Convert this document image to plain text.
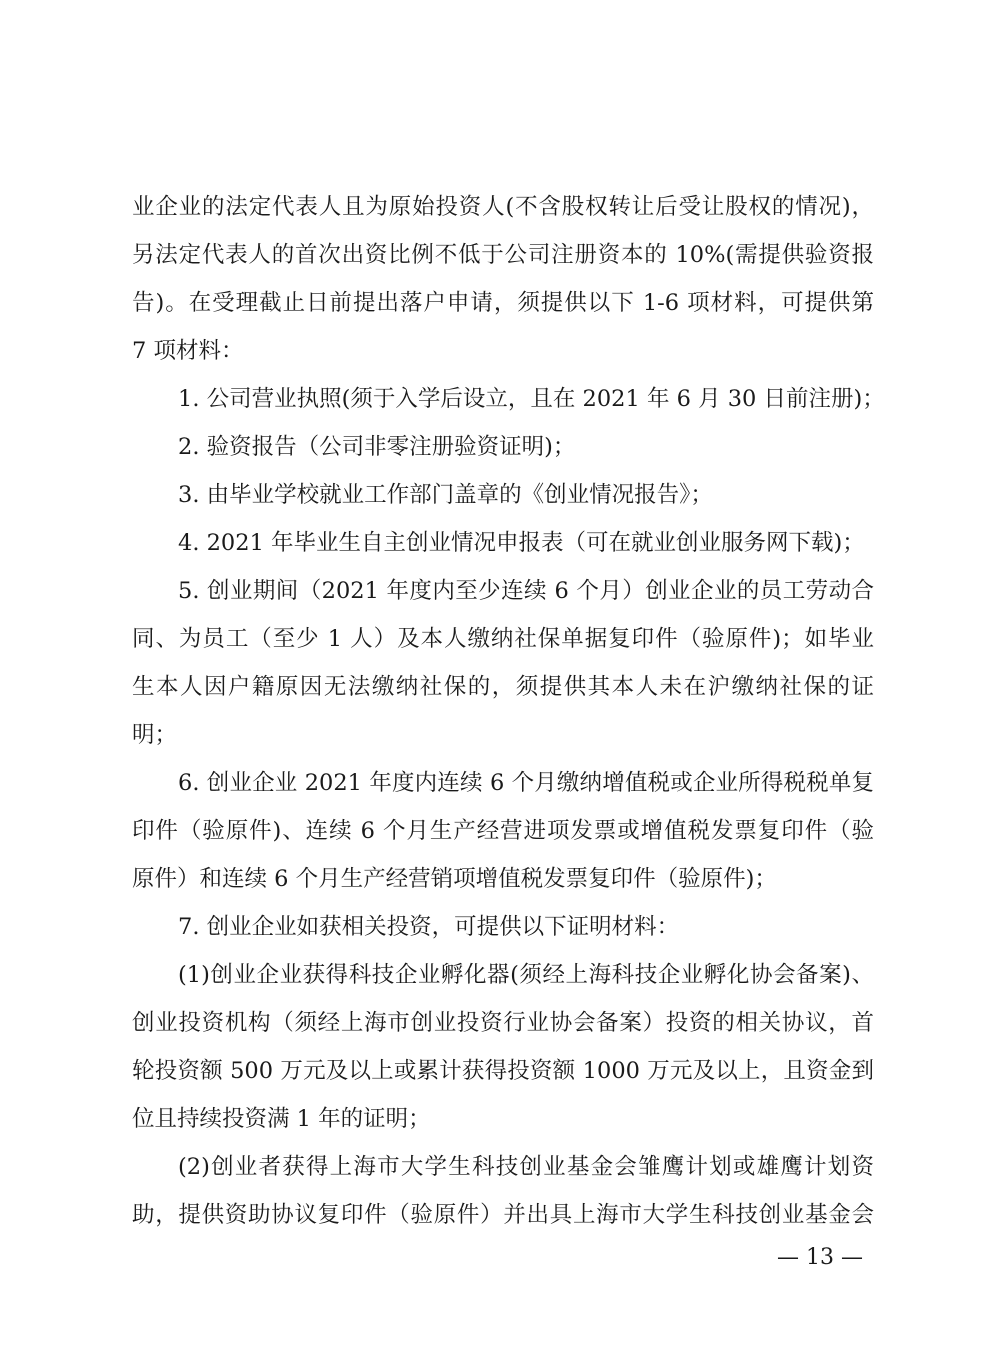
业企业的法定代表人且为原始投资人(不含股权转让后受让股权的情况)，
另法定代表人的首次出资比例不低于公司注册资本的 10%(需提供验资报
告)。在受理截止日前提出落户申请，须提供以下 1-6 项材料，可提供第
7 项材料：
1. 公司营业执照(须于入学后设立，且在 2021 年 6 月 30 日前注册)；
2. 验资报告（公司非零注册验资证明)；
3. 由毕业学校就业工作部门盖章的《创业情况报告》；
4. 2021 年毕业生自主创业情况申报表（可在就业创业服务网下载)；
5. 创业期间（2021 年度内至少连续 6 个月）创业企业的员工劳动合
同、为员工（至少 1 人）及本人缴纳社保单据复印件（验原件)；如毕业
生本人因户籍原因无法缴纳社保的，须提供其本人未在沪缴纳社保的证
明；
6. 创业企业 2021 年度内连续 6 个月缴纳增值税或企业所得税税单复
印件（验原件)、连续 6 个月生产经营进项发票或增值税发票复印件（验
原件）和连续 6 个月生产经营销项增值税发票复印件（验原件)；
7. 创业企业如获相关投资，可提供以下证明材料：
(1)创业企业获得科技企业孵化器(须经上海科技企业孵化协会备案)、
创业投资机构（须经上海市创业投资行业协会备案）投资的相关协议，首
轮投资额 500 万元及以上或累计获得投资额 1000 万元及以上，且资金到
位且持续投资满 1 年的证明；
(2)创业者获得上海市大学生科技创业基金会雏鹰计划或雄鹰计划资
助，提供资助协议复印件（验原件）并出具上海市大学生科技创业基金会
— 13 —
